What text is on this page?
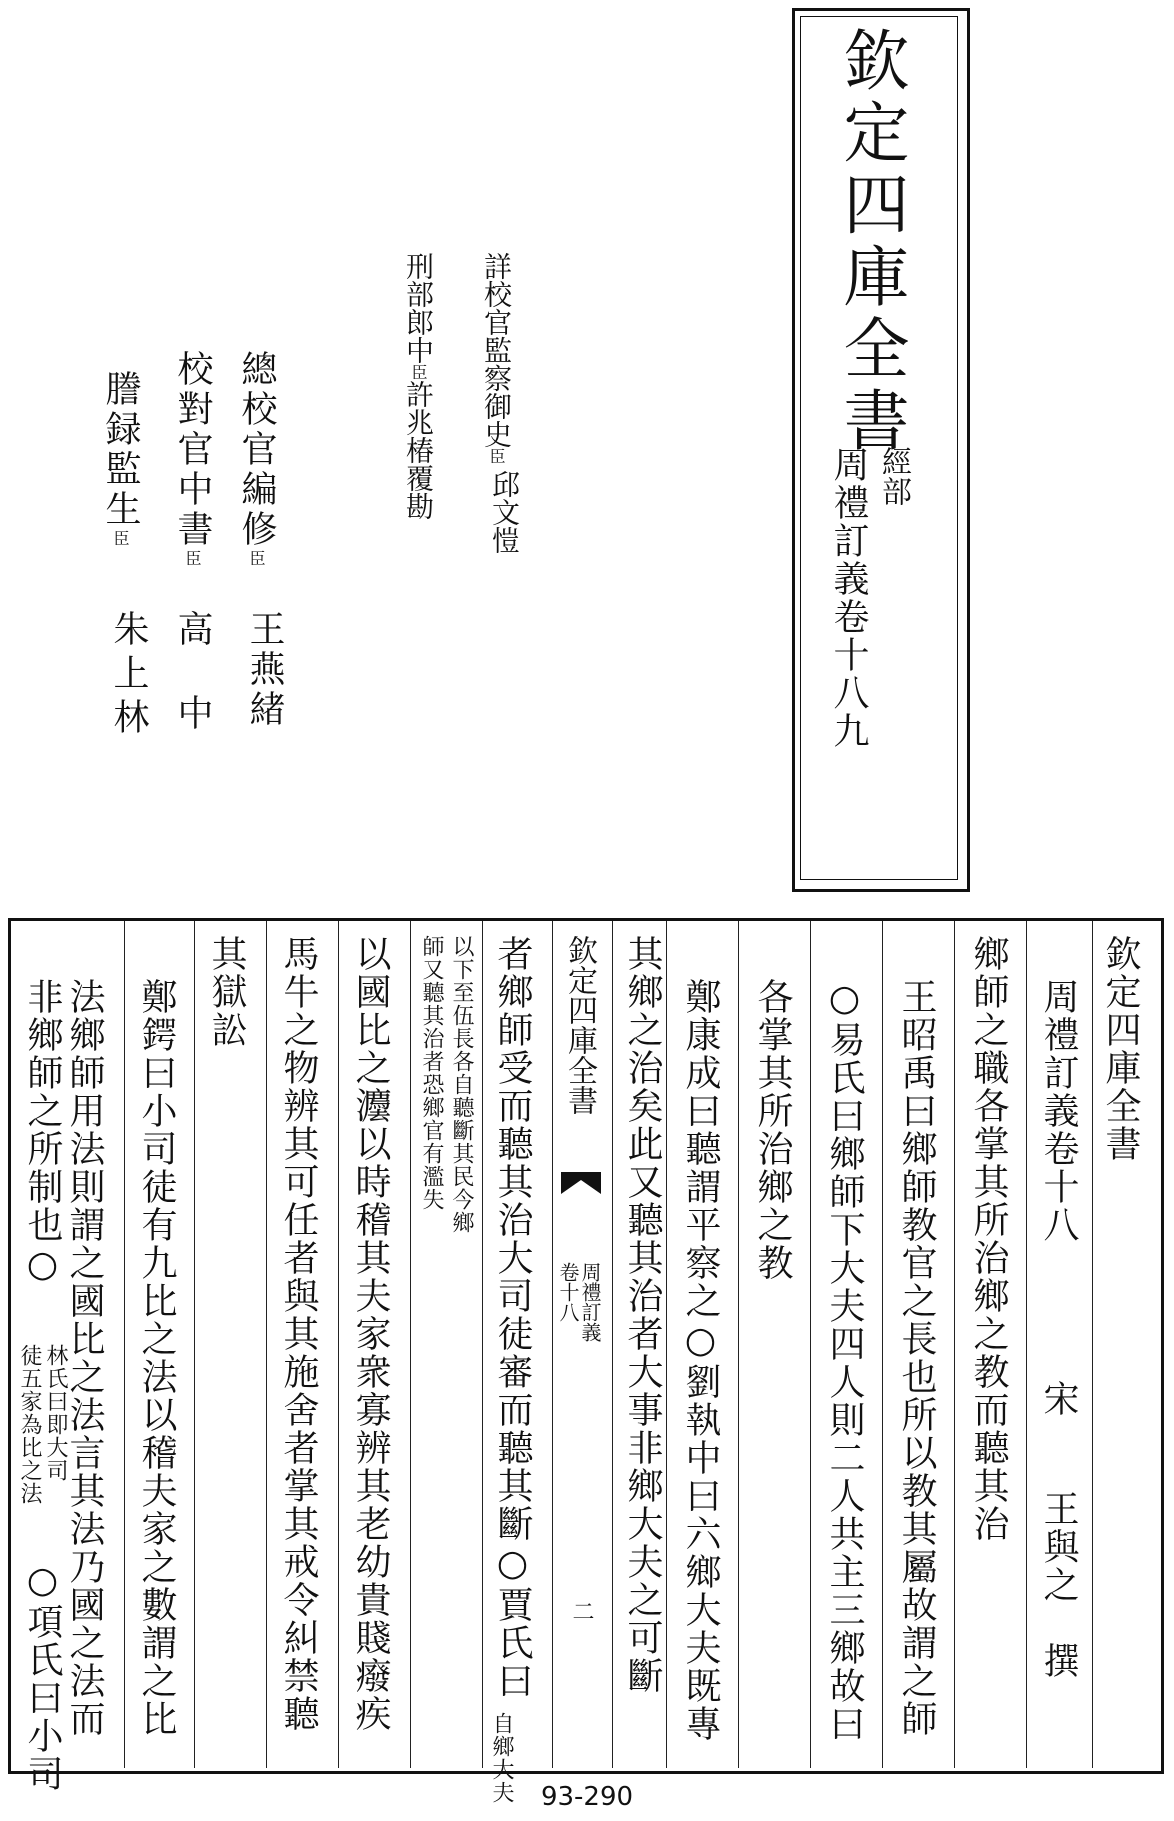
欽定四庫全書
經部
周禮訂義卷十八九
詳校官監察御史臣
邱文愷
刑部郎中臣
許兆椿覆勘
總校官編修臣
王燕緒
校對官中書臣
高　中
謄録監生臣
朱上林
欽定四庫全書
周禮訂義卷十八
宋
王與之　撰
鄉師之職各掌其所治鄉之教而聽其治
王昭禹曰鄉師教官之長也所以教其屬故謂之師
○易氏曰鄉師下大夫四人則二人共主三鄉故曰
各掌其所治鄉之教
鄭康成曰聽謂平察之○劉執中曰六鄉大夫既專
其鄉之治矣此又聽其治者大事非鄉大夫之可斷
欽定四庫全書
周禮訂義
卷十八
二
者鄉師受而聽其治大司徒審而聽其斷○賈氏曰
自鄉大夫
以下至伍長各自聽斷其民今鄉
師又聽其治者恐鄉官有濫失
以國比之灋以時稽其夫家衆寡辨其老幼貴賤癈疾
馬牛之物辨其可任者與其施舍者掌其戒令糾禁聽
其獄訟
鄭鍔曰小司徒有九比之法以稽夫家之數謂之比
法鄉師用法則謂之國比之法言其法乃國之法而
非鄉師之所制也○
林氏曰即大司
徒五家為比之法
○項氏曰小司
93-290
